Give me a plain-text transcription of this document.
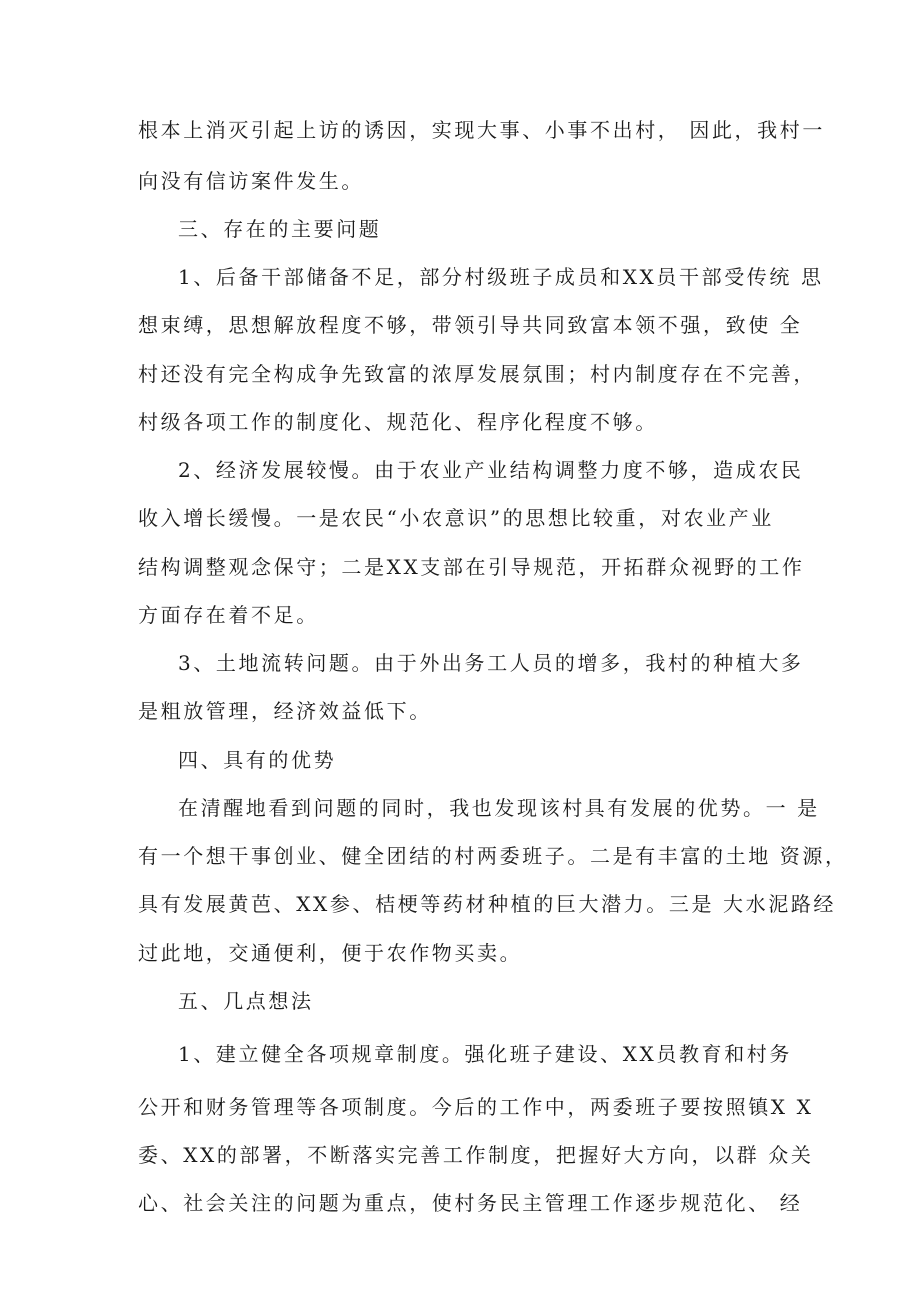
根本上消灭引起上访的诱因，实现大事、小事不出村， 因此，我村一
向没有信访案件发生。
三、存在的主要问题
1、后备干部储备不足，部分村级班子成员和XX员干部受传统 思
想束缚，思想解放程度不够，带领引导共同致富本领不强，致使 全
村还没有完全构成争先致富的浓厚发展氛围；村内制度存在不完善，
村级各项工作的制度化、规范化、程序化程度不够。
2、经济发展较慢。由于农业产业结构调整力度不够，造成农民
收入增长缓慢。一是农民“小农意识”的思想比较重，对农业产业
结构调整观念保守；二是XX支部在引导规范，开拓群众视野的工作
方面存在着不足。
3、土地流转问题。由于外出务工人员的增多，我村的种植大多
是粗放管理，经济效益低下。
四、具有的优势
在清醒地看到问题的同时，我也发现该村具有发展的优势。一 是
有一个想干事创业、健全团结的村两委班子。二是有丰富的土地 资源，
具有发展黄芭、XX参、桔梗等药材种植的巨大潜力。三是 大水泥路经
过此地，交通便利，便于农作物买卖。
五、几点想法
1、建立健全各项规章制度。强化班子建设、XX员教育和村务
公开和财务管理等各项制度。今后的工作中，两委班子要按照镇X X
委、XX的部署，不断落实完善工作制度，把握好大方向，以群 众关
心、社会关注的问题为重点，使村务民主管理工作逐步规范化、 经
